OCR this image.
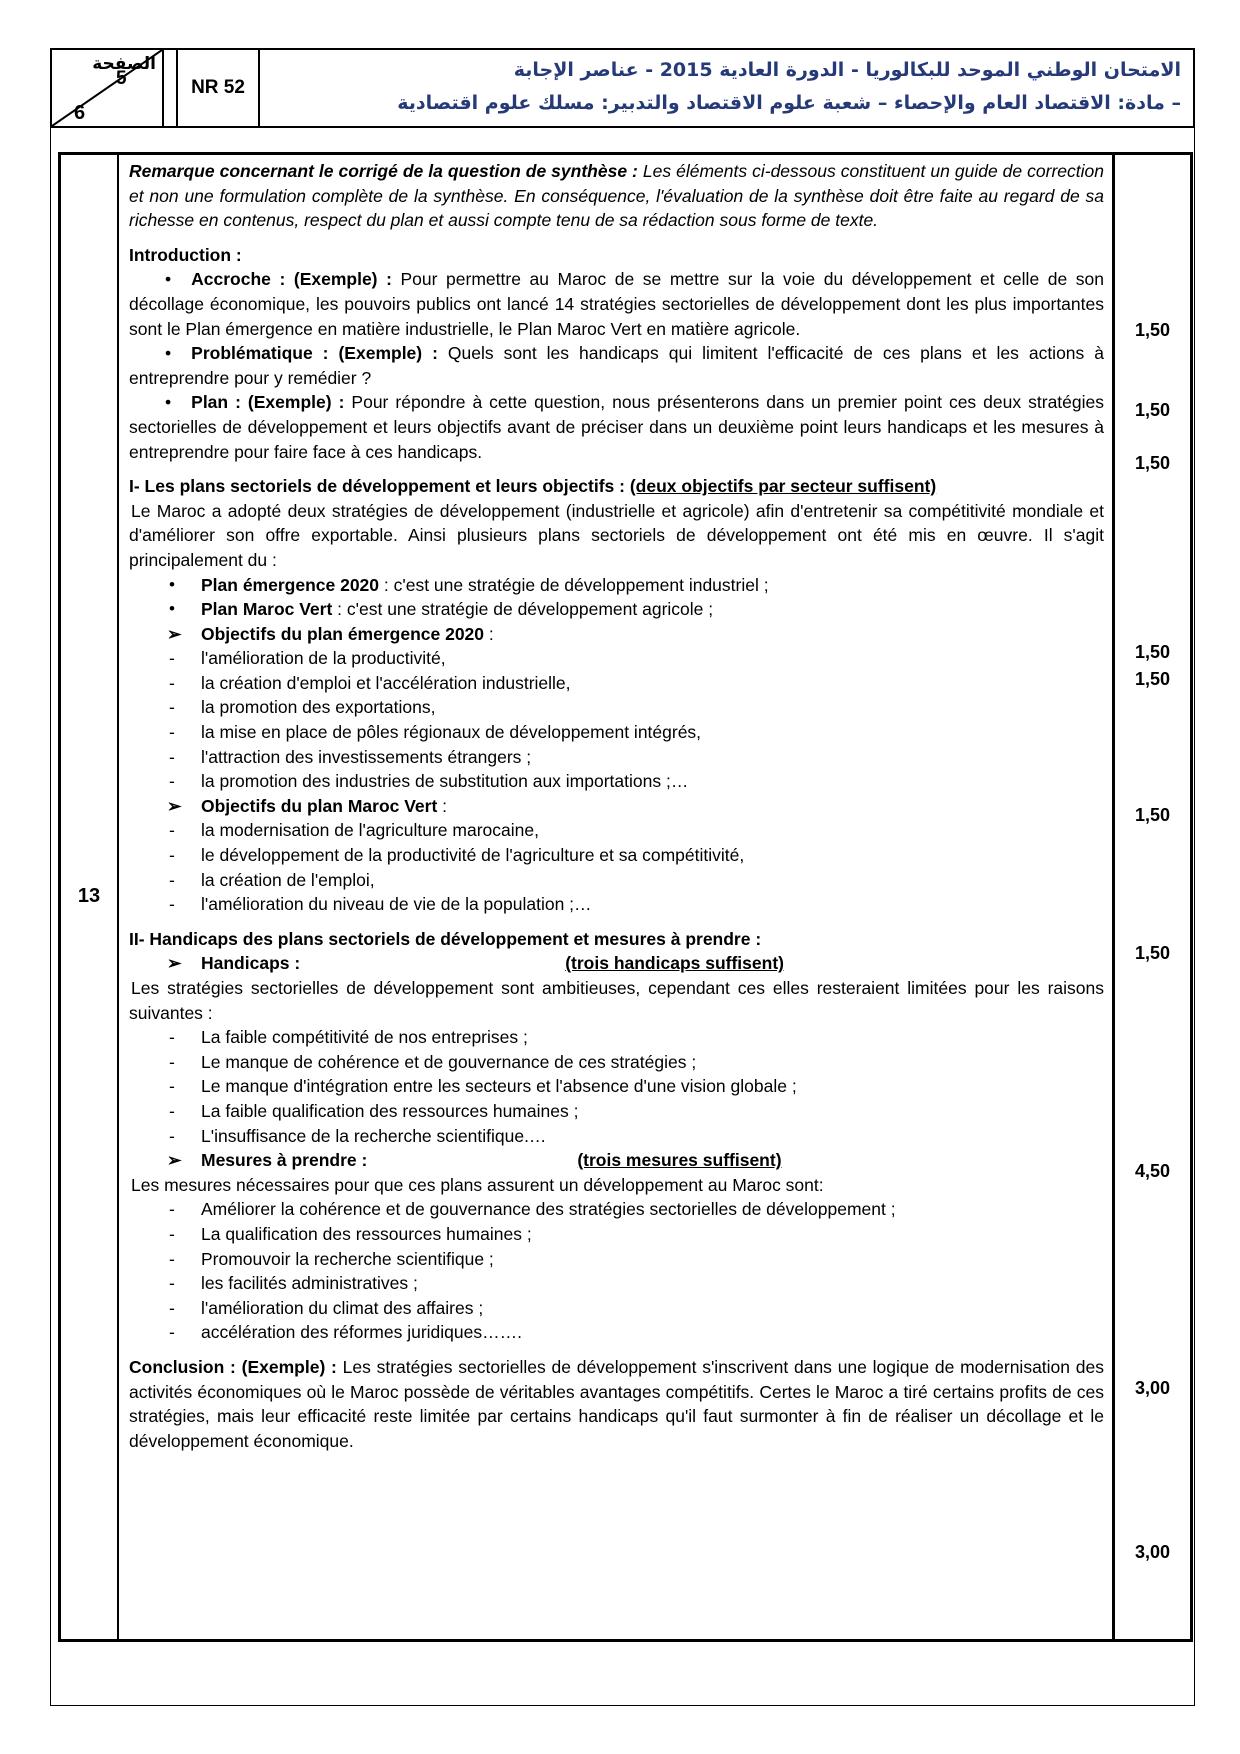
الصفحة
5
6
NR 52
الامتحان الوطني الموحد للبكالوريا - الدورة العادية 2015 - عناصر الإجابة
– مادة: الاقتصاد العام والإحصاء – شعبة علوم الاقتصاد والتدبير: مسلك علوم اقتصادية
13

Remarque concernant le corrigé de la question de synthèse : Les éléments ci-dessous constituent un guide de correction et non une formulation complète de la synthèse. En conséquence, l'évaluation de la synthèse doit être faite au regard de sa richesse en contenus, respect du plan et aussi compte tenu de sa rédaction sous forme de texte.

Introduction :

• Accroche : (Exemple) : Pour permettre au Maroc de se mettre sur la voie du développement et celle de son décollage économique, les pouvoirs publics ont lancé 14 stratégies sectorielles de développement dont les plus importantes sont le Plan émergence en matière industrielle, le Plan Maroc Vert en matière agricole.

• Problématique : (Exemple) : Quels sont les handicaps qui limitent l'efficacité de ces plans et les actions à entreprendre pour y remédier ?

• Plan : (Exemple) : Pour répondre à cette question, nous présenterons dans un premier point ces deux stratégies sectorielles de développement et leurs objectifs avant de préciser dans un deuxième point leurs handicaps et les mesures à entreprendre pour faire face à ces handicaps.

I- Les plans sectoriels de développement et leurs objectifs : (deux objectifs par secteur suffisent)

Le Maroc a adopté deux stratégies de développement (industrielle et agricole) afin d'entretenir sa compétitivité mondiale et d'améliorer son offre exportable. Ainsi plusieurs plans sectoriels de développement ont été mis en œuvre. Il s'agit principalement du :

• Plan émergence 2020 : c'est une stratégie de développement industriel ;

• Plan Maroc Vert : c'est une stratégie de développement agricole ;

➢ Objectifs du plan émergence 2020 :

- l'amélioration de la productivité,

- la création d'emploi et l'accélération industrielle,

- la promotion des exportations,

- la mise en place de pôles régionaux de développement intégrés,

- l'attraction des investissements étrangers ;

- la promotion des industries de substitution aux importations ;…

➢ Objectifs du plan Maroc Vert :

- la modernisation de l'agriculture marocaine,

- le développement de la productivité de l'agriculture et sa compétitivité,

- la création de l'emploi,

- l'amélioration du niveau de vie de la population ;…

II- Handicaps des plans sectoriels de développement et mesures à prendre :

➢ Handicaps :	(trois handicaps suffisent)

Les stratégies sectorielles de développement sont ambitieuses, cependant ces elles resteraient limitées pour les raisons suivantes :

- La faible compétitivité de nos entreprises ;

- Le manque de cohérence et de gouvernance de ces stratégies ;

- Le manque d'intégration entre les secteurs et l'absence d'une vision globale ;

- La faible qualification des ressources humaines ;

- L'insuffisance de la recherche scientifique.…

➢ Mesures à prendre :	(trois mesures suffisent)

Les mesures nécessaires pour que ces plans assurent un développement au Maroc sont:

- Améliorer la cohérence et de gouvernance des stratégies sectorielles de développement ;

- La qualification des ressources humaines ;

- Promouvoir la recherche scientifique ;

- les facilités administratives ;

- l'amélioration du climat des affaires ;

- accélération des réformes juridiques…….

Conclusion : (Exemple) : Les stratégies sectorielles de développement s'inscrivent dans une logique de modernisation des activités économiques où le Maroc possède de véritables avantages compétitifs. Certes le Maroc a tiré certains profits de ces stratégies, mais leur efficacité reste limitée par certains handicaps qu'il faut surmonter à fin de réaliser un décollage et le développement économique.

1,50
1,50
1,50
1,50
1,50
1,50
1,50
4,50
3,00
3,00
